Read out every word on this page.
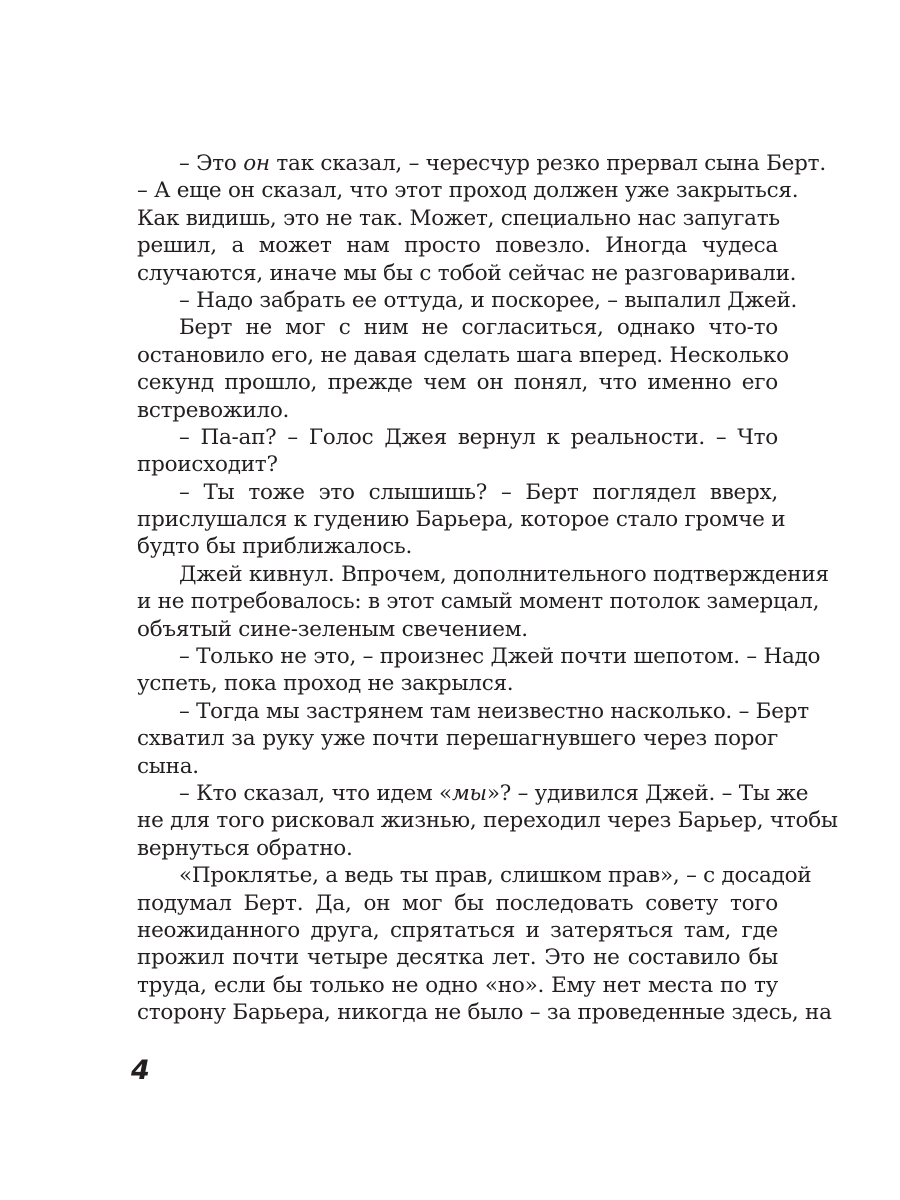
– Это он так сказал, – чересчур резко прервал сына Берт.
– А еще он сказал, что этот проход должен уже закрыться.
Как видишь, это не так. Может, специально нас запугать
решил, а может нам просто повезло. Иногда чудеса
случаются, иначе мы бы с тобой сейчас не разговаривали.
– Надо забрать ее оттуда, и поскорее, – выпалил Джей.
Берт не мог с ним не согласиться, однако что-то
остановило его, не давая сделать шага вперед. Несколько
секунд прошло, прежде чем он понял, что именно его
встревожило.
– Па-ап? – Голос Джея вернул к реальности. – Что
происходит?
– Ты тоже это слышишь? – Берт поглядел вверх,
прислушался к гудению Барьера, которое стало громче и
будто бы приближалось.
Джей кивнул. Впрочем, дополнительного подтверждения
и не потребовалось: в этот самый момент потолок замерцал,
объятый сине-зеленым свечением.
– Только не это, – произнес Джей почти шепотом. – Надо
успеть, пока проход не закрылся.
– Тогда мы застрянем там неизвестно насколько. – Берт
схватил за руку уже почти перешагнувшего через порог
сына.
– Кто сказал, что идем «мы»? – удивился Джей. – Ты же
не для того рисковал жизнью, переходил через Барьер, чтобы
вернуться обратно.
«Проклятье, а ведь ты прав, слишком прав», – с досадой
подумал Берт. Да, он мог бы последовать совету того
неожиданного друга, спрятаться и затеряться там, где
прожил почти четыре десятка лет. Это не составило бы
труда, если бы только не одно «но». Ему нет места по ту
сторону Барьера, никогда не было – за проведенные здесь, на
4
